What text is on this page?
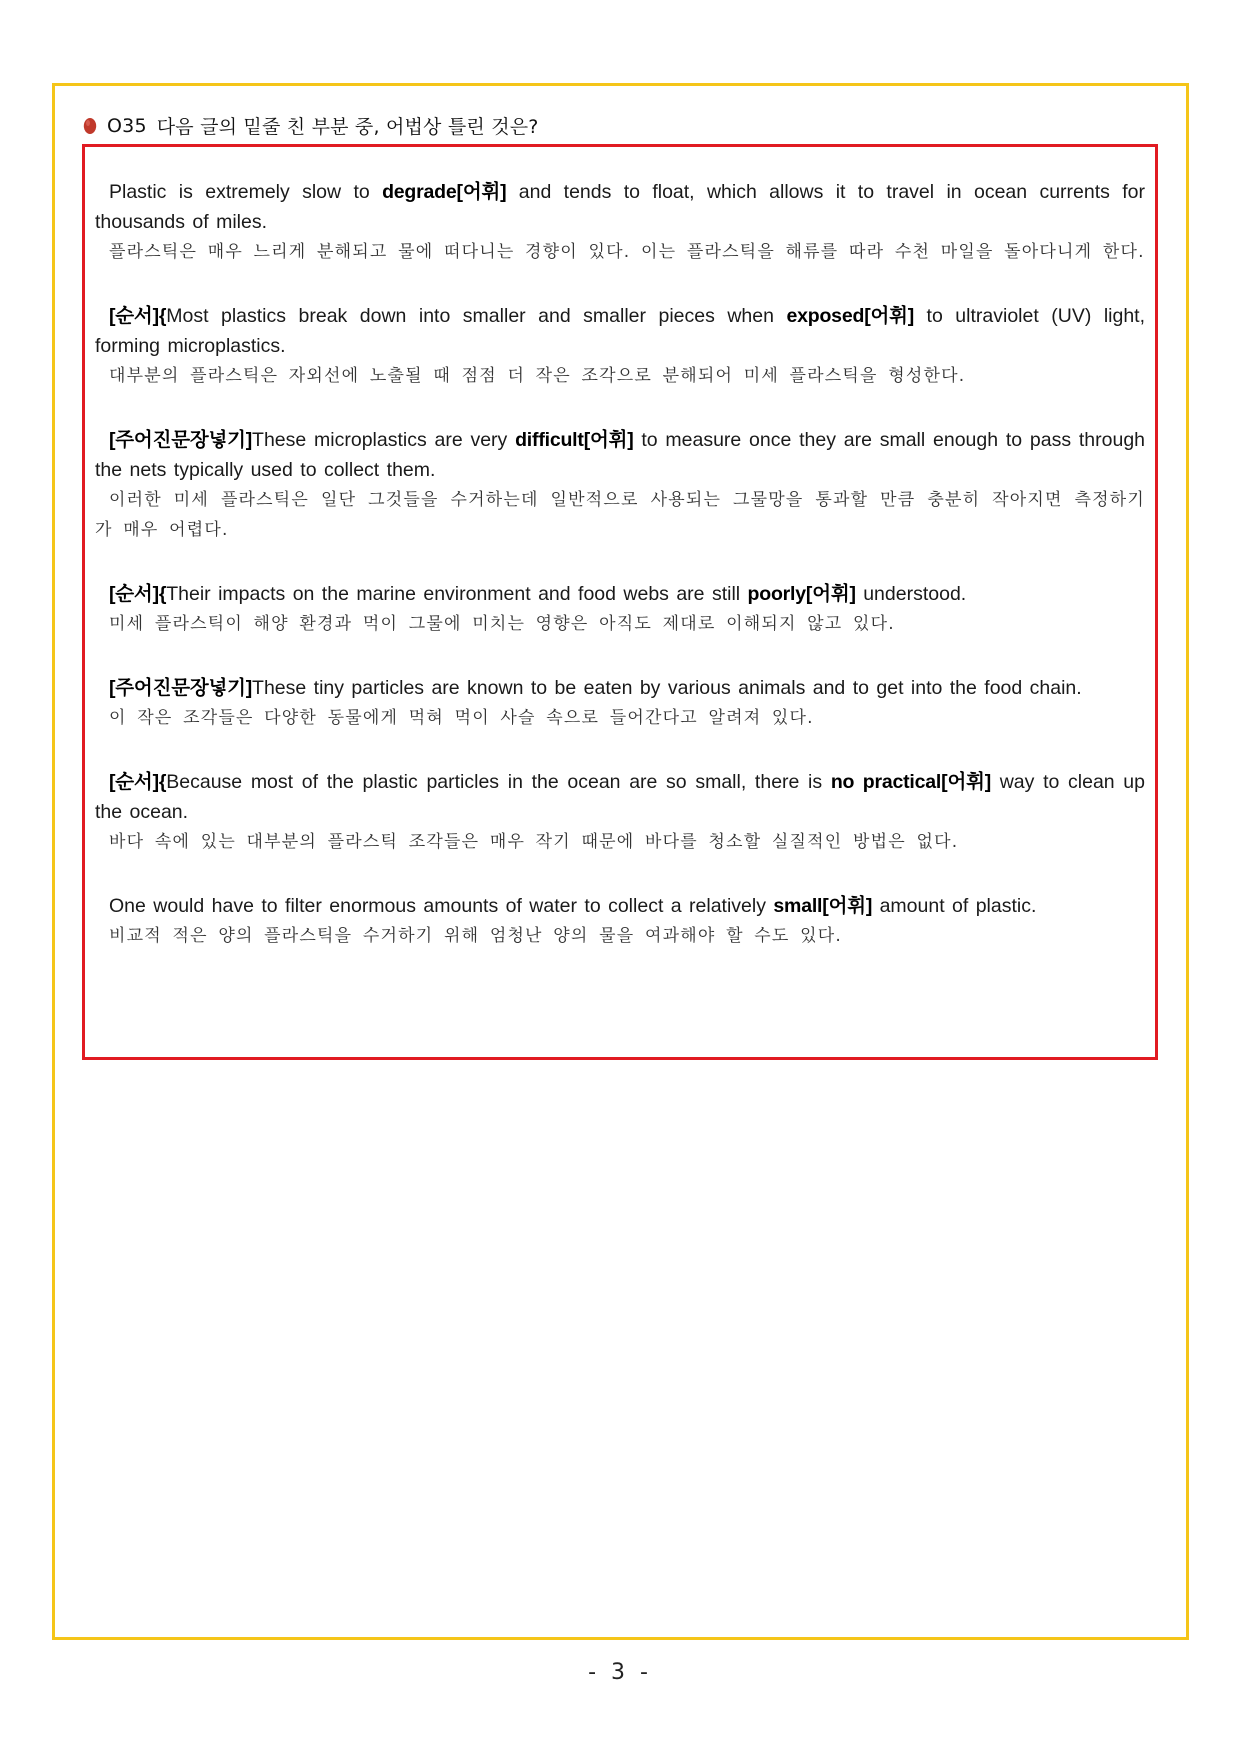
O35 다음 글의 밑줄 친 부분 중, 어법상 틀린 것은?
Plastic is extremely slow to degrade[어휘] and tends to float, which allows it to travel in ocean currents for thousands of miles.
플라스틱은 매우 느리게 분해되고 물에 떠다니는 경향이 있다. 이는 플라스틱을 해류를 따라 수천 마일을 돌아다니게 한다.
[순서]{Most plastics break down into smaller and smaller pieces when exposed[어휘] to ultraviolet (UV) light, forming microplastics.
대부분의 플라스틱은 자외선에 노출될 때 점점 더 작은 조각으로 분해되어 미세 플라스틱을 형성한다.
[주어진문장넣기]These microplastics are very difficult[어휘] to measure once they are small enough to pass through the nets typically used to collect them.
이러한 미세 플라스틱은 일단 그것들을 수거하는데 일반적으로 사용되는 그물망을 통과할 만큼 충분히 작아지면 측정하기가 매우 어렵다.
[순서]{Their impacts on the marine environment and food webs are still poorly[어휘] understood.
미세 플라스틱이 해양 환경과 먹이 그물에 미치는 영향은 아직도 제대로 이해되지 않고 있다.
[주어진문장넣기]These tiny particles are known to be eaten by various animals and to get into the food chain.
이 작은 조각들은 다양한 동물에게 먹혀 먹이 사슬 속으로 들어간다고 알려져 있다.
[순서]{Because most of the plastic particles in the ocean are so small, there is no practical[어휘] way to clean up the ocean.
바다 속에 있는 대부분의 플라스틱 조각들은 매우 작기 때문에 바다를 청소할 실질적인 방법은 없다.
One would have to filter enormous amounts of water to collect a relatively small[어휘] amount of plastic.
비교적 적은 양의 플라스틱을 수거하기 위해 엄청난 양의 물을 여과해야 할 수도 있다.
- 3 -
